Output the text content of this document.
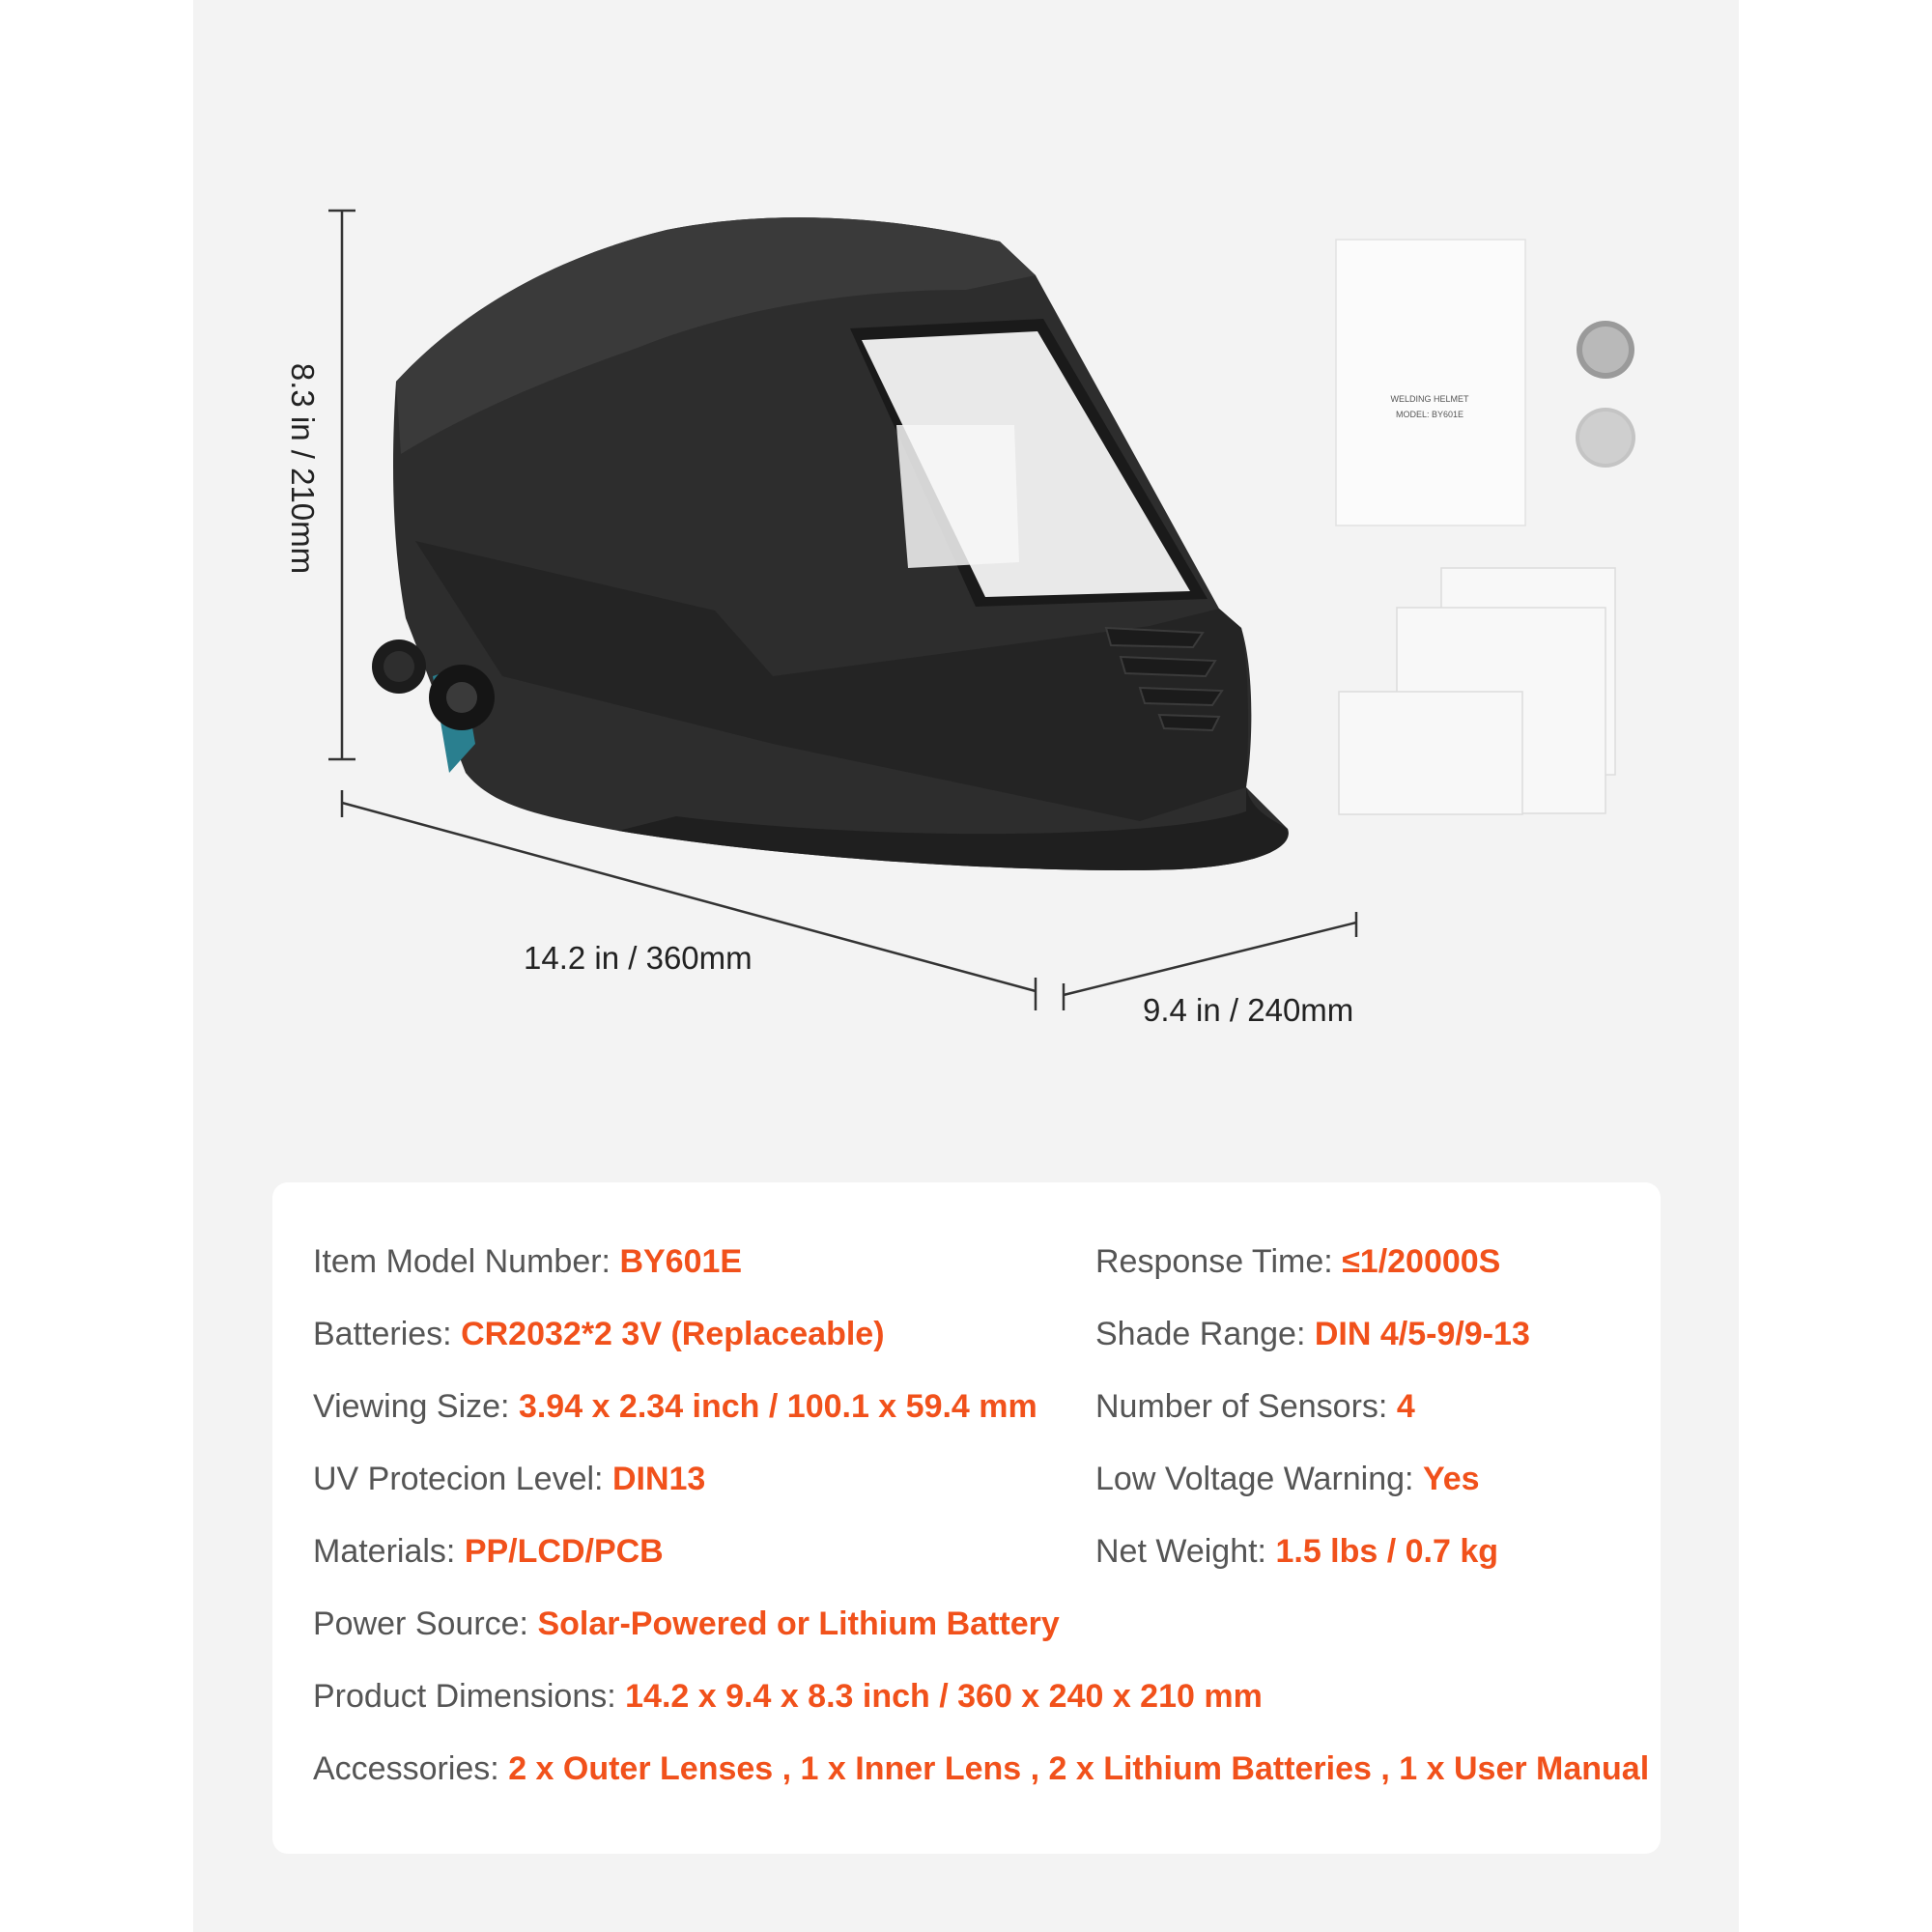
WELDING HELMET
MODEL: BY601E
8.3 in / 210mm
14.2 in / 360mm
9.4 in / 240mm
Item Model Number: BY601E	Response Time: ≤1/20000S
Batteries: CR2032*2 3V (Replaceable)	Shade Range: DIN 4/5-9/9-13
Viewing Size: 3.94 x 2.34 inch / 100.1 x 59.4 mm Number of Sensors: 4
UV Protecion Level: DIN13	Low Voltage Warning: Yes
Materials: PP/LCD/PCB	Net Weight: 1.5 lbs / 0.7 kg
Power Source: Solar-Powered or Lithium Battery
Product Dimensions: 14.2 x 9.4 x 8.3 inch / 360 x 240 x 210 mm
Accessories: 2 x Outer Lenses , 1 x Inner Lens , 2 x Lithium Batteries , 1 x User Manual
